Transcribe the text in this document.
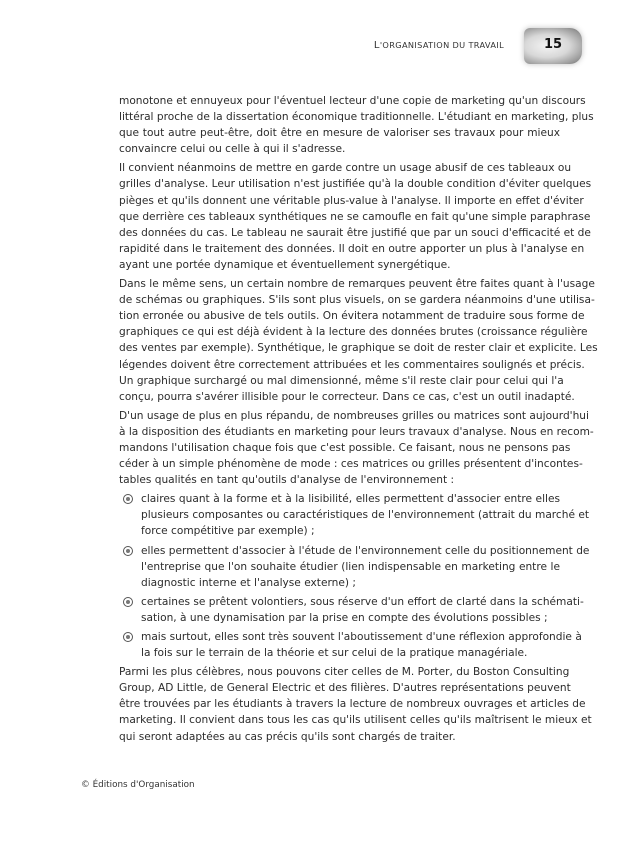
L'ORGANISATION DU TRAVAIL	15
monotone et ennuyeux pour l'éventuel lecteur d'une copie de marketing qu'un discours
littéral proche de la dissertation économique traditionnelle. L'étudiant en marketing, plus
que tout autre peut-être, doit être en mesure de valoriser ses travaux pour mieux
convaincre celui ou celle à qui il s'adresse.
Il convient néanmoins de mettre en garde contre un usage abusif de ces tableaux ou
grilles d'analyse. Leur utilisation n'est justifiée qu'à la double condition d'éviter quelques
pièges et qu'ils donnent une véritable plus-value à l'analyse. Il importe en effet d'éviter
que derrière ces tableaux synthétiques ne se camoufle en fait qu'une simple paraphrase
des données du cas. Le tableau ne saurait être justifié que par un souci d'efficacité et de
rapidité dans le traitement des données. Il doit en outre apporter un plus à l'analyse en
ayant une portée dynamique et éventuellement synergétique.
Dans le même sens, un certain nombre de remarques peuvent être faites quant à l'usage
de schémas ou graphiques. S'ils sont plus visuels, on se gardera néanmoins d'une utilisa-
tion erronée ou abusive de tels outils. On évitera notamment de traduire sous forme de
graphiques ce qui est déjà évident à la lecture des données brutes (croissance régulière
des ventes par exemple). Synthétique, le graphique se doit de rester clair et explicite. Les
légendes doivent être correctement attribuées et les commentaires soulignés et précis.
Un graphique surchargé ou mal dimensionné, même s'il reste clair pour celui qui l'a
conçu, pourra s'avérer illisible pour le correcteur. Dans ce cas, c'est un outil inadapté.
D'un usage de plus en plus répandu, de nombreuses grilles ou matrices sont aujourd'hui
à la disposition des étudiants en marketing pour leurs travaux d'analyse. Nous en recom-
mandons l'utilisation chaque fois que c'est possible. Ce faisant, nous ne pensons pas
céder à un simple phénomène de mode : ces matrices ou grilles présentent d'incontes-
tables qualités en tant qu'outils d'analyse de l'environnement :
claires quant à la forme et à la lisibilité, elles permettent d'associer entre elles
plusieurs composantes ou caractéristiques de l'environnement (attrait du marché et
force compétitive par exemple) ;
elles permettent d'associer à l'étude de l'environnement celle du positionnement de
l'entreprise que l'on souhaite étudier (lien indispensable en marketing entre le
diagnostic interne et l'analyse externe) ;
certaines se prêtent volontiers, sous réserve d'un effort de clarté dans la schémati-
sation, à une dynamisation par la prise en compte des évolutions possibles ;
mais surtout, elles sont très souvent l'aboutissement d'une réflexion approfondie à
la fois sur le terrain de la théorie et sur celui de la pratique managériale.
Parmi les plus célèbres, nous pouvons citer celles de M. Porter, du Boston Consulting
Group, AD Little, de General Electric et des filières. D'autres représentations peuvent
être trouvées par les étudiants à travers la lecture de nombreux ouvrages et articles de
marketing. Il convient dans tous les cas qu'ils utilisent celles qu'ils maîtrisent le mieux et
qui seront adaptées au cas précis qu'ils sont chargés de traiter.
© Éditions d'Organisation
